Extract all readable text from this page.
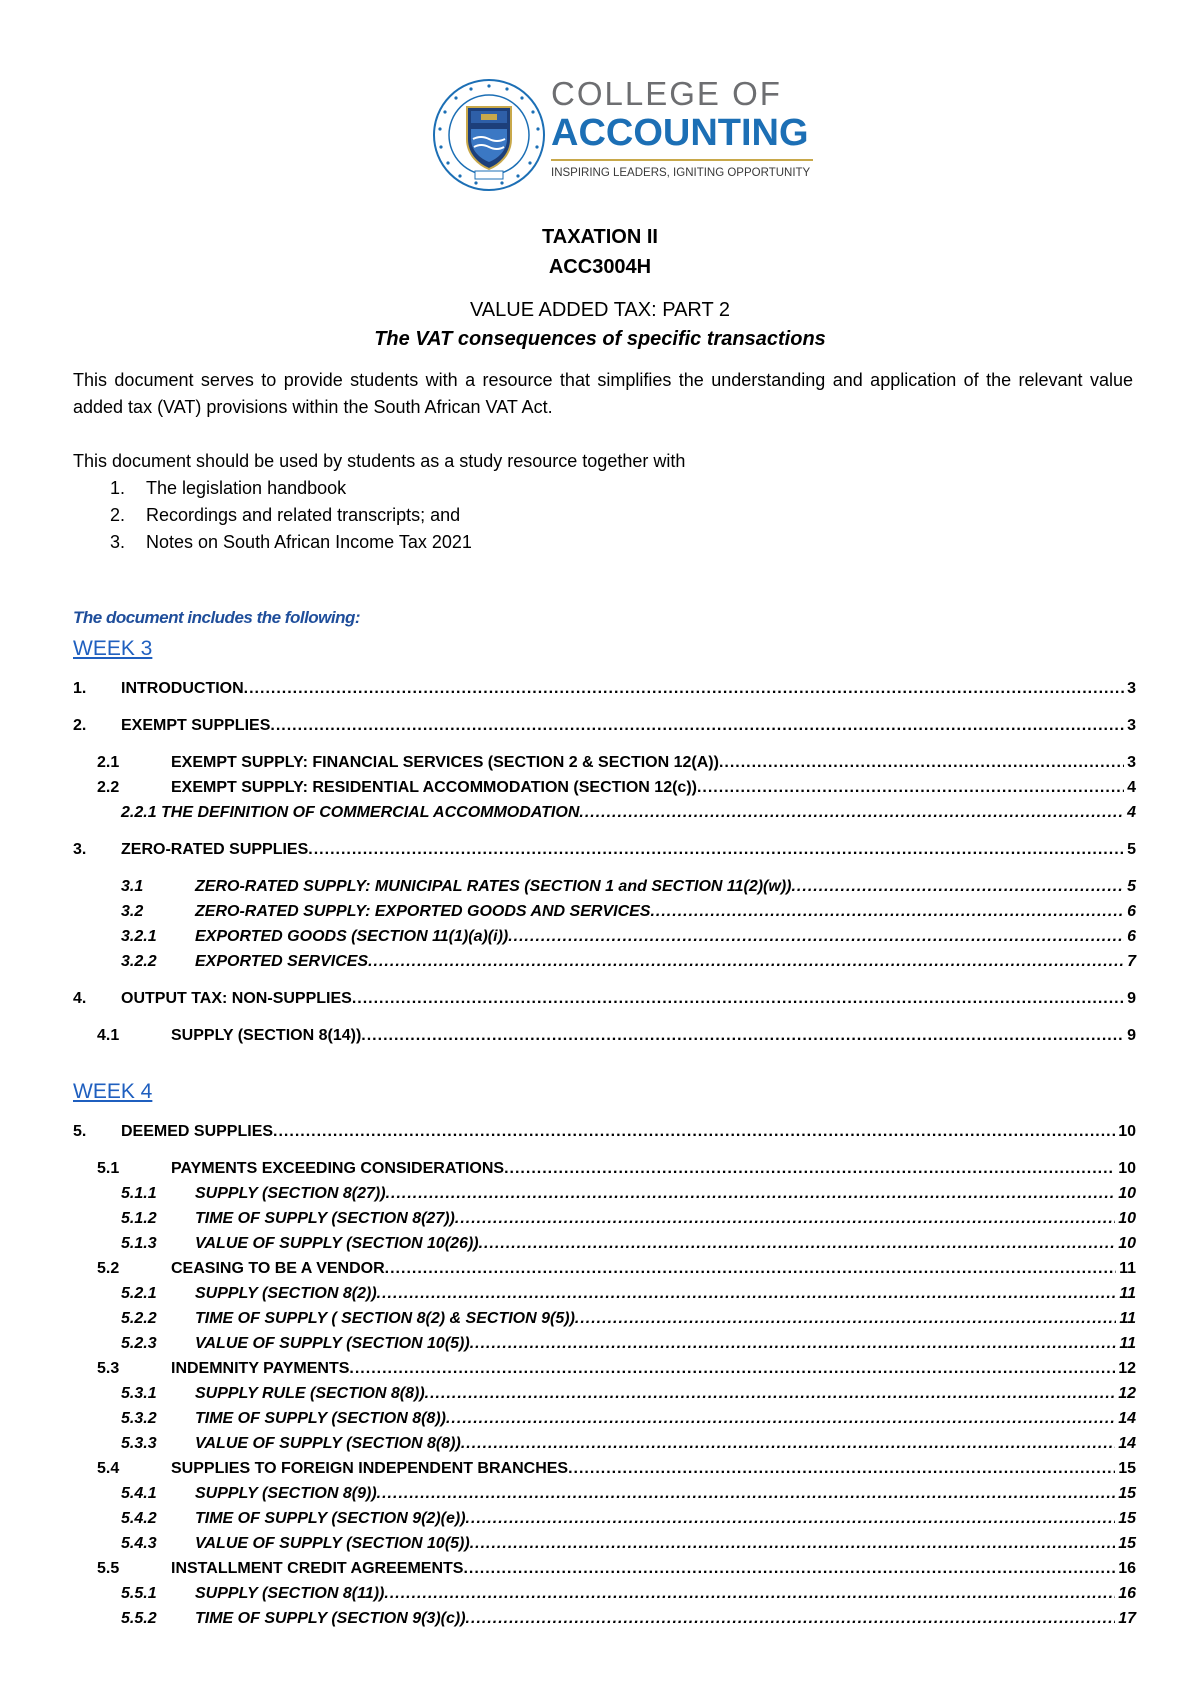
COLLEGE OF
ACCOUNTING
INSPIRING LEADERS, IGNITING OPPORTUNITY
TAXATION II
ACC3004H
VALUE ADDED TAX: PART 2
The VAT consequences of specific transactions
This document serves to provide students with a resource that simplifies the understanding and application of the relevant value added tax (VAT) provisions within the South African VAT Act.
This document should be used by students as a study resource together with
1. The legislation handbook
2. Recordings and related transcripts; and
3. Notes on South African Income Tax 2021
The document includes the following:
WEEK 3
1.	INTRODUCTION .....	3
2.	EXEMPT SUPPLIES .....	3
2.1	EXEMPT SUPPLY: FINANCIAL SERVICES (SECTION 2 & SECTION 12(A)) .....	3
2.2	EXEMPT SUPPLY: RESIDENTIAL ACCOMMODATION (SECTION 12(c)) .....	4
2.2.1 THE DEFINITION OF COMMERCIAL ACCOMMODATION .....	4
3.	ZERO-RATED SUPPLIES .....	5
3.1	ZERO-RATED SUPPLY: MUNICIPAL RATES (SECTION 1 and SECTION 11(2)(w)) .....	5
3.2	ZERO-RATED SUPPLY: EXPORTED GOODS AND SERVICES .....	6
3.2.1	EXPORTED GOODS (SECTION 11(1)(a)(i)) .....	6
3.2.2	EXPORTED SERVICES .....	7
4.	OUTPUT TAX: NON-SUPPLIES .....	9
4.1	SUPPLY (SECTION 8(14)) .....	9
WEEK 4
5.	DEEMED SUPPLIES .....	10
5.1	PAYMENTS EXCEEDING CONSIDERATIONS .....	10
5.1.1	SUPPLY (SECTION 8(27)) .....	10
5.1.2	TIME OF SUPPLY (SECTION 8(27)) .....	10
5.1.3	VALUE OF SUPPLY (SECTION 10(26)) .....	10
5.2	CEASING TO BE A VENDOR .....	11
5.2.1	SUPPLY (SECTION 8(2)) .....	11
5.2.2	TIME OF SUPPLY ( SECTION 8(2) & SECTION 9(5)) .....	11
5.2.3	VALUE OF SUPPLY (SECTION 10(5)) .....	11
5.3	INDEMNITY PAYMENTS .....	12
5.3.1	SUPPLY RULE (SECTION 8(8)) .....	12
5.3.2	TIME OF SUPPLY (SECTION 8(8)) .....	14
5.3.3	VALUE OF SUPPLY (SECTION 8(8)) .....	14
5.4	SUPPLIES TO FOREIGN INDEPENDENT BRANCHES .....	15
5.4.1	SUPPLY (SECTION 8(9)) .....	15
5.4.2	TIME OF SUPPLY (SECTION 9(2)(e)) .....	15
5.4.3	VALUE OF SUPPLY (SECTION 10(5)) .....	15
5.5	INSTALLMENT CREDIT AGREEMENTS .....	16
5.5.1	SUPPLY (SECTION 8(11)) .....	16
5.5.2	TIME OF SUPPLY (SECTION 9(3)(c)) .....	17
